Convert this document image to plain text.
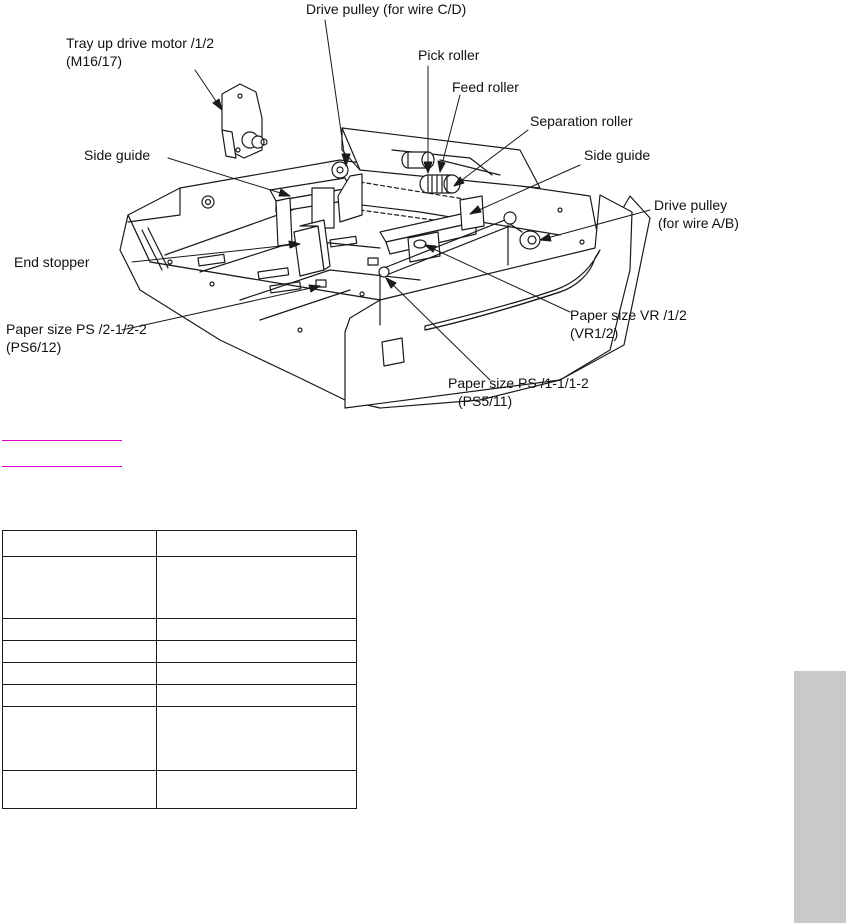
Drive pulley (for wire C/D)
Tray up drive motor /1/2
(M16/17)	Pick roller
Feed roller
Separation roller
Side guide	Side guide
Drive pulley
(for wire A/B)
End stopper
Paper size PS /2-1/2-2
(PS6/12)
Paper size VR /1/2
(VR1/2)
Paper size PS /1-1/1-2
(PS5/11)
